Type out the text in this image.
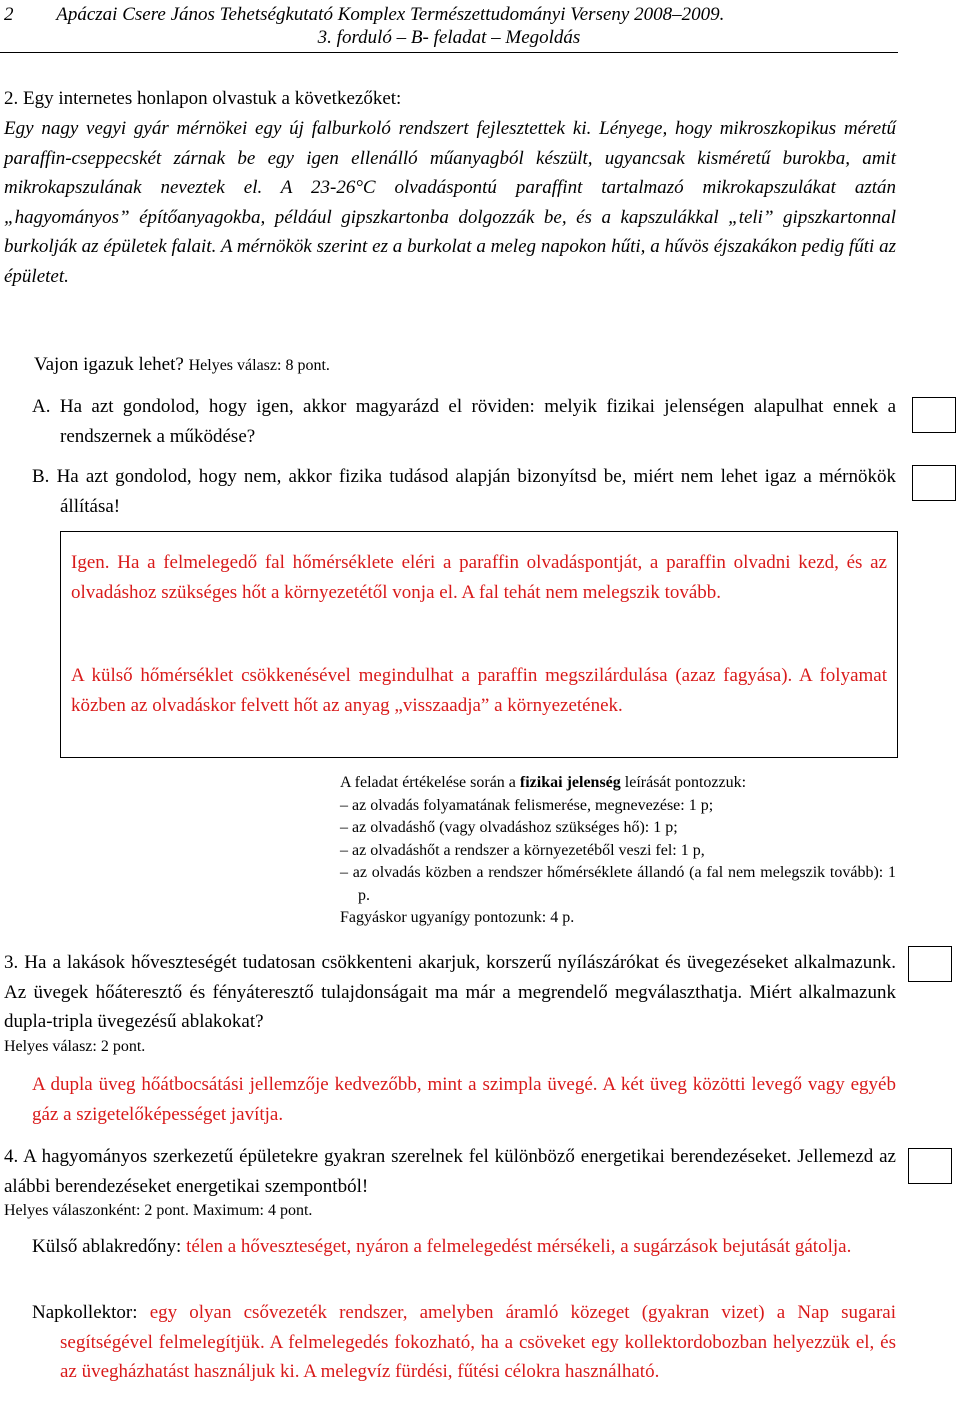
2 Apáczai Csere János Tehetségkutató Komplex Természettudományi Verseny 2008–2009.
3. forduló – B- feladat – Megoldás
2. Egy internetes honlapon olvastuk a következőket:
Egy nagy vegyi gyár mérnökei egy új falburkoló rendszert fejlesztettek ki. Lényege, hogy mikroszkopikus méretű paraffin-cseppecskét zárnak be egy igen ellenálló műanyagból készült, ugyancsak kisméretű burokba, amit mikrokapszulának neveztek el. A 23-26°C olvadáspontú paraffint tartalmazó mikrokapszulákat aztán „hagyományos” építőanyagokba, például gipszkartonba dolgozzák be, és a kapszulákkal „teli” gipszkartonnal burkolják az épületek falait. A mérnökök szerint ez a burkolat a meleg napokon hűti, a hűvös éjszakákon pedig fűti az épületet.
Vajon igazuk lehet? Helyes válasz: 8 pont.
A. Ha azt gondolod, hogy igen, akkor magyarázd el röviden: melyik fizikai jelenségen alapulhat ennek a rendszernek a működése?
B. Ha azt gondolod, hogy nem, akkor fizika tudásod alapján bizonyítsd be, miért nem lehet igaz a mérnökök állítása!
Igen. Ha a felmelegedő fal hőmérséklete eléri a paraffin olvadáspontját, a paraffin olvadni kezd, és az olvadáshoz szükséges hőt a környezetétől vonja el. A fal tehát nem melegszik tovább.
A külső hőmérséklet csökkenésével megindulhat a paraffin megszilárdulása (azaz fagyása). A folyamat közben az olvadáskor felvett hőt az anyag „visszaadja” a környezetének.
A feladat értékelése során a fizikai jelenség leírását pontozzuk:
– az olvadás folyamatának felismerése, megnevezése: 1 p;
– az olvadáshő (vagy olvadáshoz szükséges hő): 1 p;
– az olvadáshőt a rendszer a környezetéből veszi fel: 1 p,
– az olvadás közben a rendszer hőmérséklete állandó (a fal nem melegszik tovább): 1 p.
Fagyáskor ugyanígy pontozunk: 4 p.
3. Ha a lakások hőveszteségét tudatosan csökkenteni akarjuk, korszerű nyílászárókat és üvegezéseket alkalmazunk. Az üvegek hőáteresztő és fényáteresztő tulajdonságait ma már a megrendelő megválaszthatja. Miért alkalmazunk dupla-tripla üvegezésű ablakokat?
Helyes válasz: 2 pont.
A dupla üveg hőátbocsátási jellemzője kedvezőbb, mint a szimpla üvegé. A két üveg közötti levegő vagy egyéb gáz a szigetelőképességet javítja.
4. A hagyományos szerkezetű épületekre gyakran szerelnek fel különböző energetikai berendezéseket. Jellemezd az alábbi berendezéseket energetikai szempontból!
Helyes válaszonként: 2 pont. Maximum: 4 pont.
Külső ablakredőny: télen a hőveszteséget, nyáron a felmelegedést mérsékeli, a sugárzások bejutását gátolja.
Napkollektor: egy olyan csővezeték rendszer, amelyben áramló közeget (gyakran vizet) a Nap sugarai segítségével felmelegítjük. A felmelegedés fokozható, ha a csöveket egy kollektordobozban helyezzük el, és az üvegházhatást használjuk ki. A melegvíz fürdési, fűtési célokra használható.
